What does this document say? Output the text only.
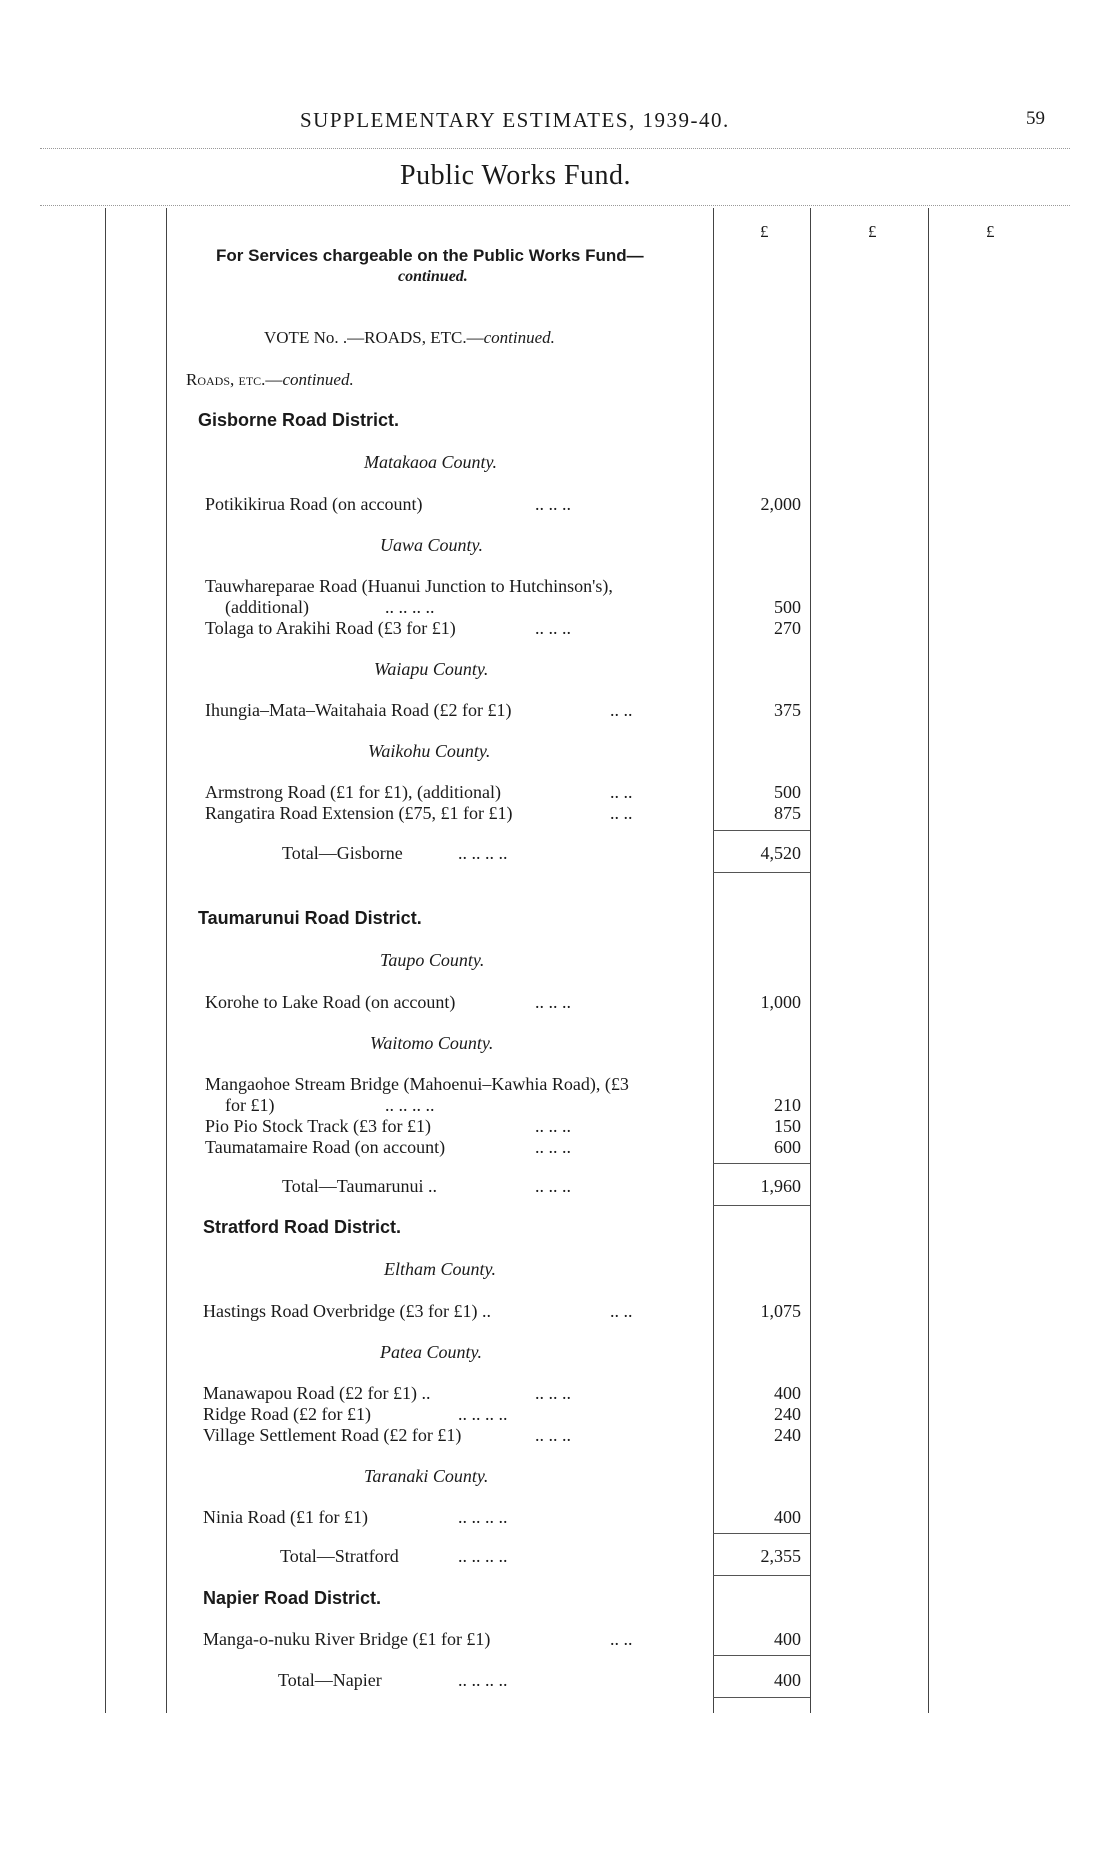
SUPPLEMENTARY ESTIMATES, 1939-40.	59
Public Works Fund.
£	£	£
For Services chargeable on the Public Works Fund—
continued.
VOTE No. .—ROADS, ETC.—continued.
Roads, etc.—continued.
Gisborne Road District.
Matakaoa County.
Potikikirua Road (on account)	.. .. ..	2,000
Uawa County.
Tauwhareparae Road (Huanui Junction to Hutchinson's),
(additional)	.. .. .. ..	500
Tolaga to Arakihi Road (£3 for £1)	.. .. ..	270
Waiapu County.
Ihungia–Mata–Waitahaia Road (£2 for £1)	.. ..	375
Waikohu County.
Armstrong Road (£1 for £1), (additional)	.. ..	500
Rangatira Road Extension (£75, £1 for £1)	.. ..	875
Total—Gisborne	.. .. .. ..	4,520
Taumarunui Road District.
Taupo County.
Korohe to Lake Road (on account)	.. .. ..	1,000
Waitomo County.
Mangaohoe Stream Bridge (Mahoenui–Kawhia Road), (£3
for £1)	.. .. .. ..	210
Pio Pio Stock Track (£3 for £1)	.. .. ..	150
Taumatamaire Road (on account)	.. .. ..	600
Total—Taumarunui ..	.. .. ..	1,960
Stratford Road District.
Eltham County.
Hastings Road Overbridge (£3 for £1) ..	.. ..	1,075
Patea County.
Manawapou Road (£2 for £1) ..	.. .. ..	400
Ridge Road (£2 for £1)	.. .. .. ..	240
Village Settlement Road (£2 for £1)	.. .. ..	240
Taranaki County.
Ninia Road (£1 for £1)	.. .. .. ..	400
Total—Stratford	.. .. .. ..	2,355
Napier Road District.
Manga-o-nuku River Bridge (£1 for £1)	.. ..	400
Total—Napier	.. .. .. ..	400
